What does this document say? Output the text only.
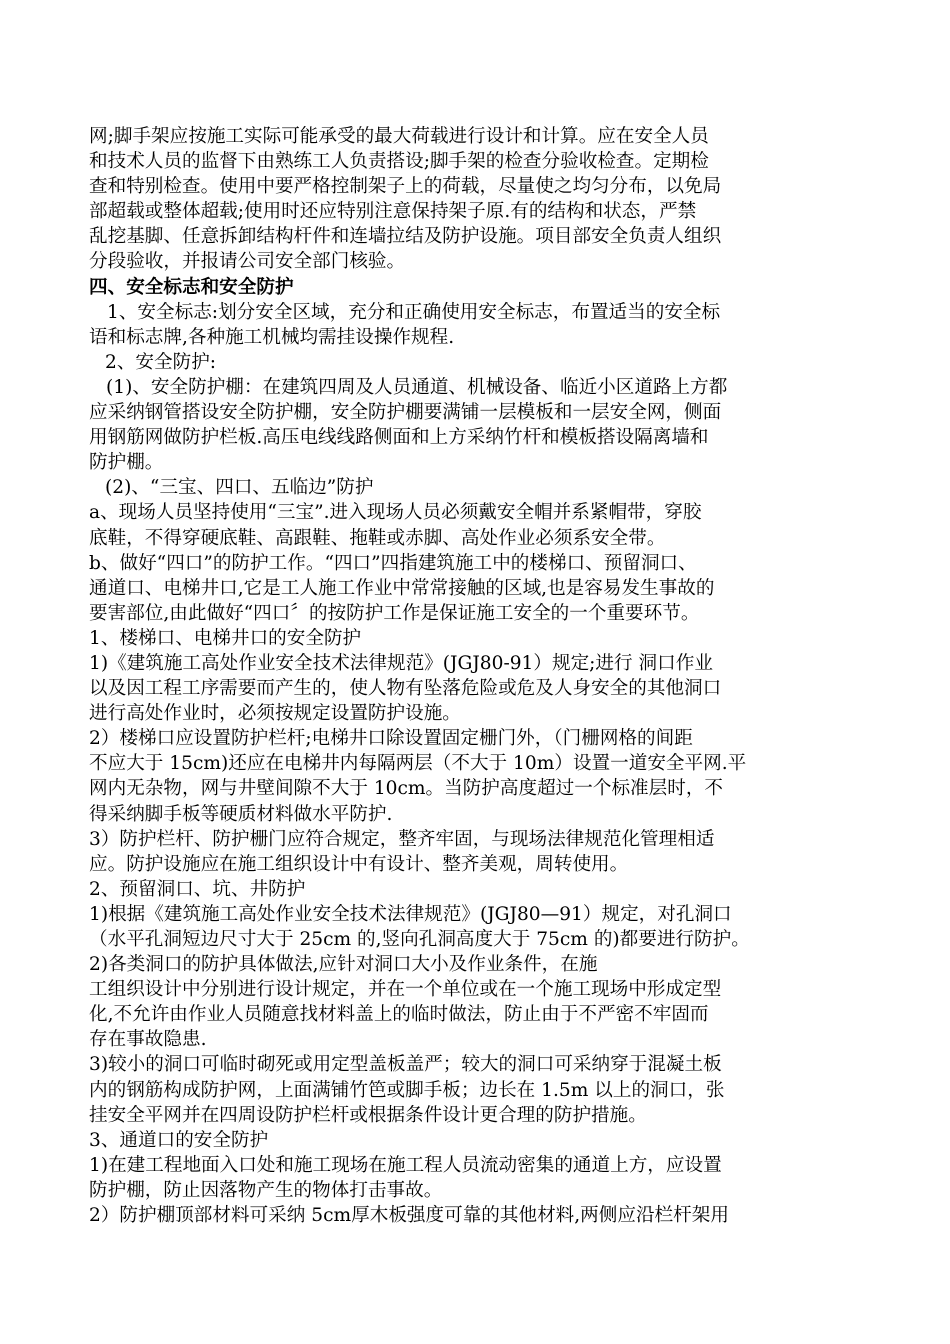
网;脚手架应按施工实际可能承受的最大荷载进行设计和计算。应在安全人员
和技术人员的监督下由熟练工人负责搭设;脚手架的检查分验收检查。定期检
查和特别检查。使用中要严格控制架子上的荷载，尽量使之均匀分布，以免局
部超载或整体超载;使用时还应特别注意保持架子原.有的结构和状态，严禁
乱挖基脚、任意拆卸结构杆件和连墙拉结及防护设施。项目部安全负责人组织
分段验收，并报请公司安全部门核验。
四、安全标志和安全防护
1、安全标志:划分安全区域，充分和正确使用安全标志，布置适当的安全标
语和标志牌,各种施工机械均需挂设操作规程.
2、安全防护:
(1)、安全防护棚：在建筑四周及人员通道、机械设备、临近小区道路上方都
应采纳钢管搭设安全防护棚，安全防护棚要满铺一层模板和一层安全网，侧面
用钢筋网做防护栏板.高压电线线路侧面和上方采纳竹杆和模板搭设隔离墙和
防护棚。
(2)、“三宝、四口、五临边”防护
a、现场人员坚持使用“三宝”.进入现场人员必须戴安全帽并系紧帽带，穿胶
底鞋，不得穿硬底鞋、高跟鞋、拖鞋或赤脚、高处作业必须系安全带。
b、做好“四口”的防护工作。“四口”四指建筑施工中的楼梯口、预留洞口、
通道口、电梯井口,它是工人施工作业中常常接触的区域,也是容易发生事故的
要害部位,由此做好“四口〞的按防护工作是保证施工安全的一个重要环节。
1、楼梯口、电梯井口的安全防护
1)《建筑施工高处作业安全技术法律规范》(JGJ80-91）规定;进行 洞口作业
以及因工程工序需要而产生的，使人物有坠落危险或危及人身安全的其他洞口
进行高处作业时，必须按规定设置防护设施。
2）楼梯口应设置防护栏杆;电梯井口除设置固定栅门外，（门栅网格的间距
不应大于 15cm)还应在电梯井内每隔两层（不大于 10m）设置一道安全平网.平
网内无杂物，网与井壁间隙不大于 10cm。当防护高度超过一个标准层时，不
得采纳脚手板等硬质材料做水平防护.
3）防护栏杆、防护栅门应符合规定，整齐牢固，与现场法律规范化管理相适
应。防护设施应在施工组织设计中有设计、整齐美观，周转使用。
2、预留洞口、坑、井防护
1)根据《建筑施工高处作业安全技术法律规范》(JGJ80—91）规定，对孔洞口
（水平孔洞短边尺寸大于 25cm 的,竖向孔洞高度大于 75cm 的)都要进行防护。
2)各类洞口的防护具体做法,应针对洞口大小及作业条件，在施
工组织设计中分别进行设计规定，并在一个单位或在一个施工现场中形成定型
化,不允许由作业人员随意找材料盖上的临时做法，防止由于不严密不牢固而
存在事故隐患.
3)较小的洞口可临时砌死或用定型盖板盖严；较大的洞口可采纳穿于混凝土板
内的钢筋构成防护网，上面满铺竹笆或脚手板；边长在 1.5m 以上的洞口，张
挂安全平网并在四周设防护栏杆或根据条件设计更合理的防护措施。
3、通道口的安全防护
1)在建工程地面入口处和施工现场在施工程人员流动密集的通道上方，应设置
防护棚，防止因落物产生的物体打击事故。
2）防护棚顶部材料可采纳 5cm厚木板强度可靠的其他材料,两侧应沿栏杆架用
